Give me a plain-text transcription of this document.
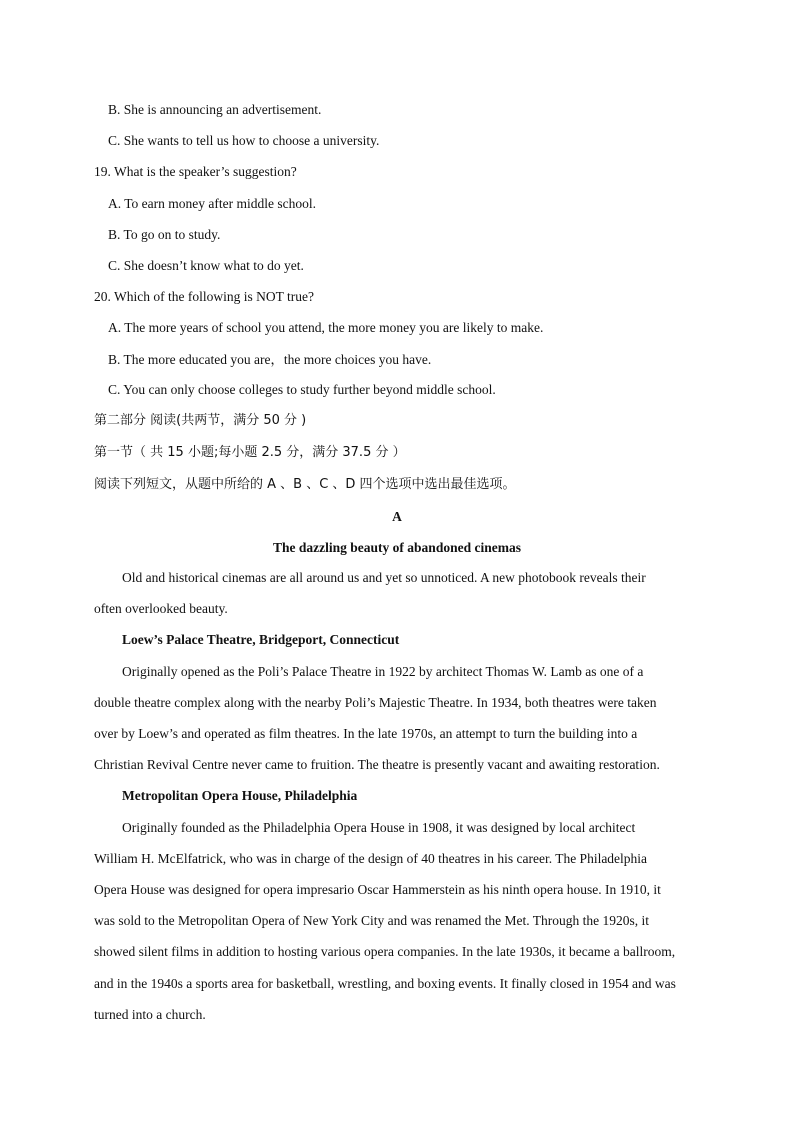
B. She is announcing an advertisement.
C. She wants to tell us how to choose a university.
19. What is the speaker’s suggestion?
A. To earn money after middle school.
B. To go on to study.
C. She doesn’t know what to do yet.
20. Which of the following is NOT true?
A. The more years of school you attend, the more money you are likely to make.
B. The more educated you are，the more choices you have.
C. You can only choose colleges to study further beyond middle school.
第二部分 阅读(共两节，满分 50 分 )
第一节（ 共 15 小题;每小题 2.5 分，满分 37.5 分 ）
阅读下列短文，从题中所给的 A 、B 、C 、D 四个选项中选出最佳选项。
A
The dazzling beauty of abandoned cinemas
Old and historical cinemas are all around us and yet so unnoticed. A new photobook reveals their
often overlooked beauty.
Loew’s Palace Theatre, Bridgeport, Connecticut
Originally opened as the Poli’s Palace Theatre in 1922 by architect Thomas W. Lamb as one of a
double theatre complex along with the nearby Poli’s Majestic Theatre. In 1934, both theatres were taken
over by Loew’s and operated as film theatres. In the late 1970s, an attempt to turn the building into a
Christian Revival Centre never came to fruition. The theatre is presently vacant and awaiting restoration.
Metropolitan Opera House, Philadelphia
Originally founded as the Philadelphia Opera House in 1908, it was designed by local architect
William H. McElfatrick, who was in charge of the design of 40 theatres in his career. The Philadelphia
Opera House was designed for opera impresario Oscar Hammerstein as his ninth opera house. In 1910, it
was sold to the Metropolitan Opera of New York City and was renamed the Met. Through the 1920s, it
showed silent films in addition to hosting various opera companies. In the late 1930s, it became a ballroom,
and in the 1940s a sports area for basketball, wrestling, and boxing events. It finally closed in 1954 and was
turned into a church.
